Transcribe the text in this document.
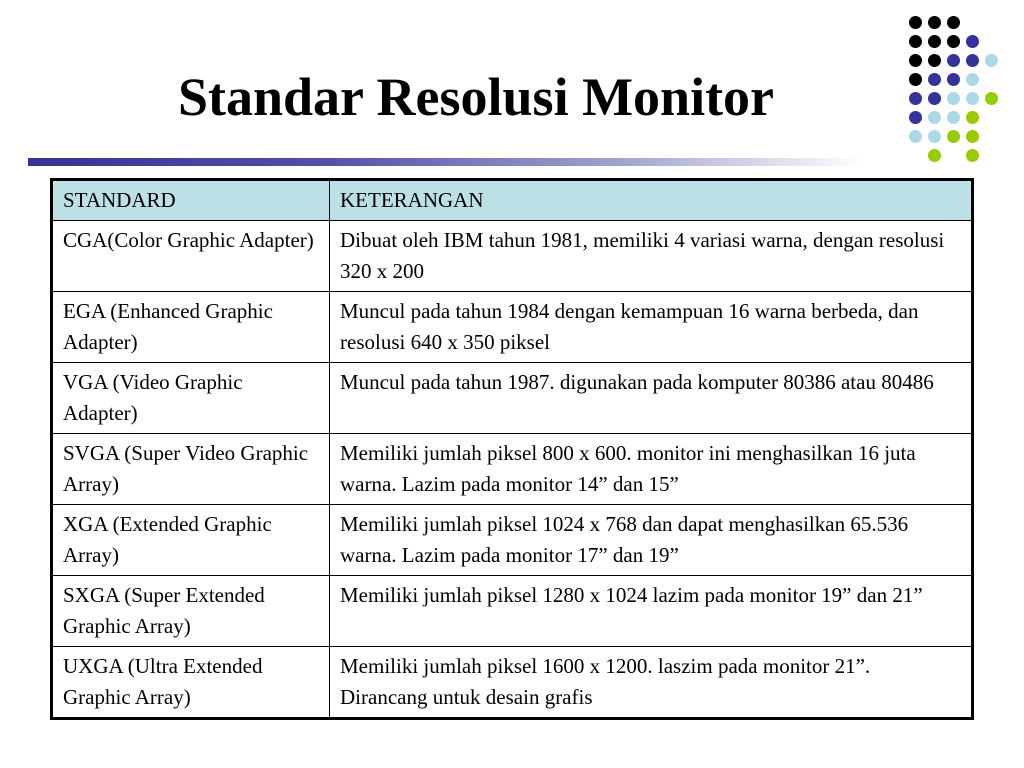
Standar Resolusi Monitor
STANDARD	KETERANGAN
CGA(Color Graphic Adapter)	Dibuat oleh IBM tahun 1981, memiliki 4 variasi warna, dengan resolusi 320 x 200
EGA (Enhanced Graphic Adapter)	Muncul pada tahun 1984 dengan kemampuan 16 warna berbeda, dan resolusi 640 x 350 piksel
VGA (Video Graphic Adapter)	Muncul pada tahun 1987. digunakan pada komputer 80386 atau 80486
SVGA (Super Video Graphic Array)	Memiliki jumlah piksel 800 x 600. monitor ini menghasilkan 16 juta warna. Lazim pada monitor 14” dan 15”
XGA (Extended Graphic Array)	Memiliki jumlah piksel 1024 x 768 dan dapat menghasilkan 65.536 warna. Lazim pada monitor 17” dan 19”
SXGA (Super Extended Graphic Array)	Memiliki jumlah piksel 1280 x 1024 lazim pada monitor 19” dan 21”
UXGA (Ultra Extended Graphic Array)	Memiliki jumlah piksel 1600 x 1200. laszim pada monitor 21”. Dirancang untuk desain grafis
